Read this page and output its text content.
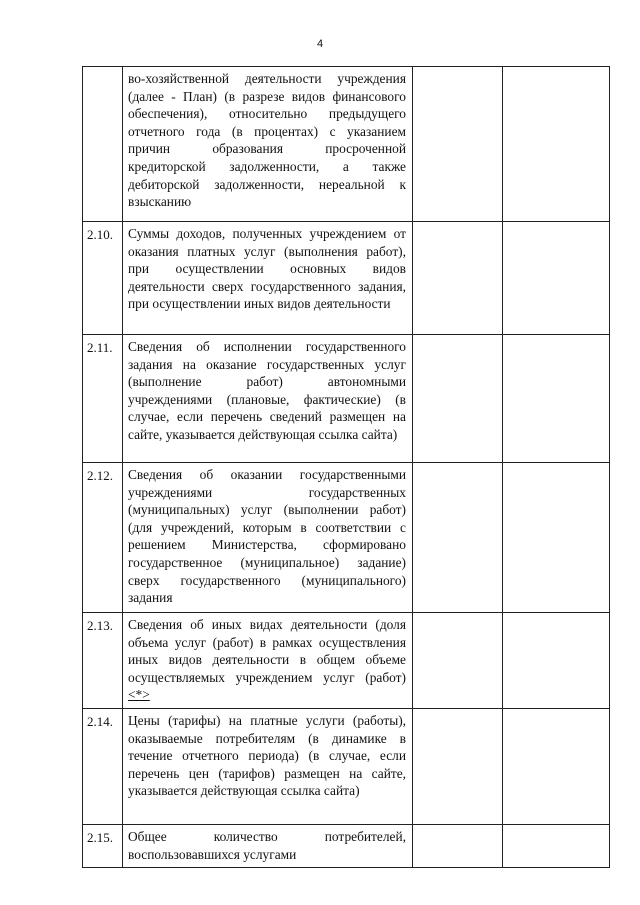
4
	во-хозяйственной деятельности учреждения (далее - План) (в разрезе видов финансового обеспечения), относительно предыдущего отчетного года (в процентах) с указанием причин образования просроченной кредиторской задолженности, а также дебиторской задолженности, нереальной к взысканию		
2.10.	Суммы доходов, полученных учреждением от оказания платных услуг (выполнения работ), при осуществлении основных видов деятельности сверх государственного задания, при осуществлении иных видов деятельности		
2.11.	Сведения об исполнении государственного задания на оказание государственных услуг (выполнение работ) автономными учреждениями (плановые, фактические) (в случае, если перечень сведений размещен на сайте, указывается действующая ссылка сайта)		
2.12.	Сведения об оказании государственными учреждениями государственных (муниципальных) услуг (выполнении работ) (для учреждений, которым в соответствии с решением Министерства, сформировано государственное (муниципальное) задание) сверх государственного (муниципального) задания		
2.13.	Сведения об иных видах деятельности (доля объема услуг (работ) в рамках осуществления иных видов деятельности в общем объеме осуществляемых учреждением услуг (работ) <*>		
2.14.	Цены (тарифы) на платные услуги (работы), оказываемые потребителям (в динамике в течение отчетного периода) (в случае, если перечень цен (тарифов) размещен на сайте, указывается действующая ссылка сайта)		
2.15.	Общее количество потребителей, воспользовавшихся услугами		
